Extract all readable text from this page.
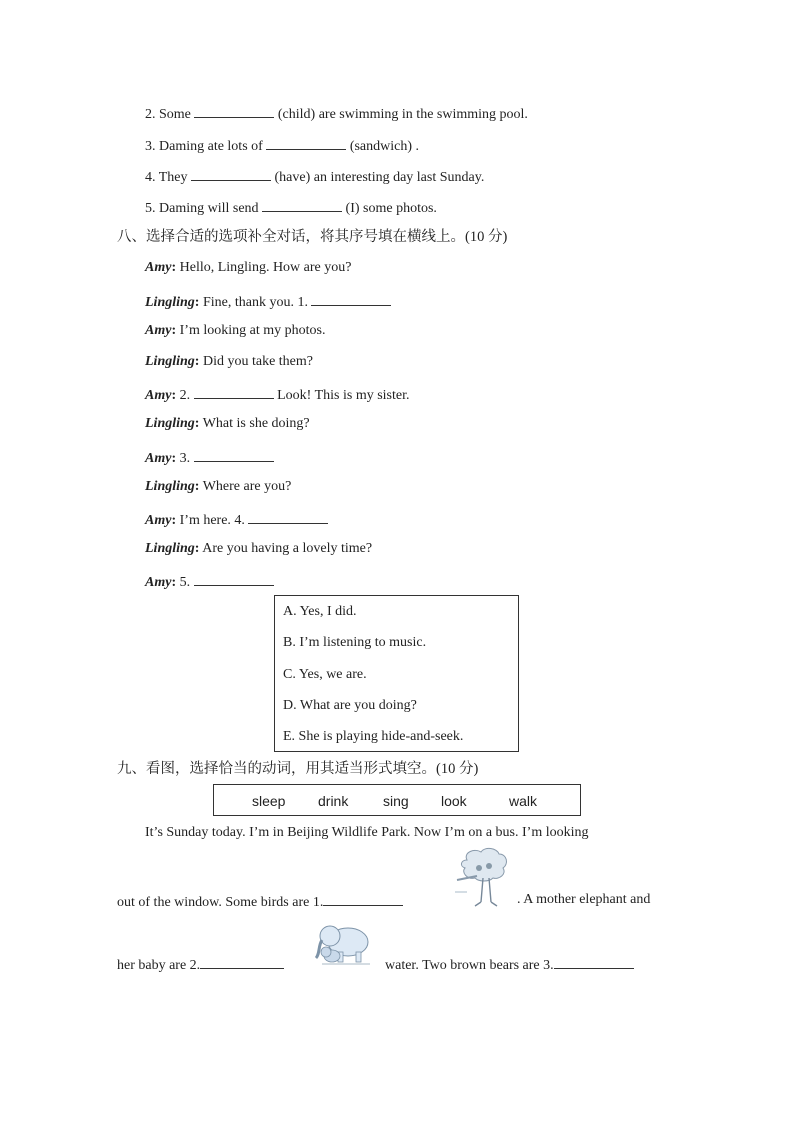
2. Some	(child) are swimming in the swimming pool.
3. Daming ate lots of	(sandwich) .
4. They	(have) an interesting day last Sunday.
5. Daming will send	(I) some photos.
八、选择合适的选项补全对话，将其序号填在横线上。(10 分)
Amy: Hello, Lingling. How are you?
Lingling: Fine, thank you. 1.
Amy: I’m looking at my photos.
Lingling: Did you take them?
Amy: 2.	Look! This is my sister.
Lingling: What is she doing?
Amy: 3.
Lingling: Where are you?
Amy: I’m here. 4.
Lingling: Are you having a lovely time?
Amy: 5.
A. Yes, I did.
B. I’m listening to music.
C. Yes, we are.
D. What are you doing?
E. She is playing hide-and-seek.
九、看图，选择恰当的动词，用其适当形式填空。(10 分)
sleep drink sing look	walk
It’s Sunday today. I’m in Beijing Wildlife Park. Now I’m on a bus. I’m looking
out of the window. Some birds are 1.	. A mother elephant and
her baby are 2.	water. Two brown bears are 3.
